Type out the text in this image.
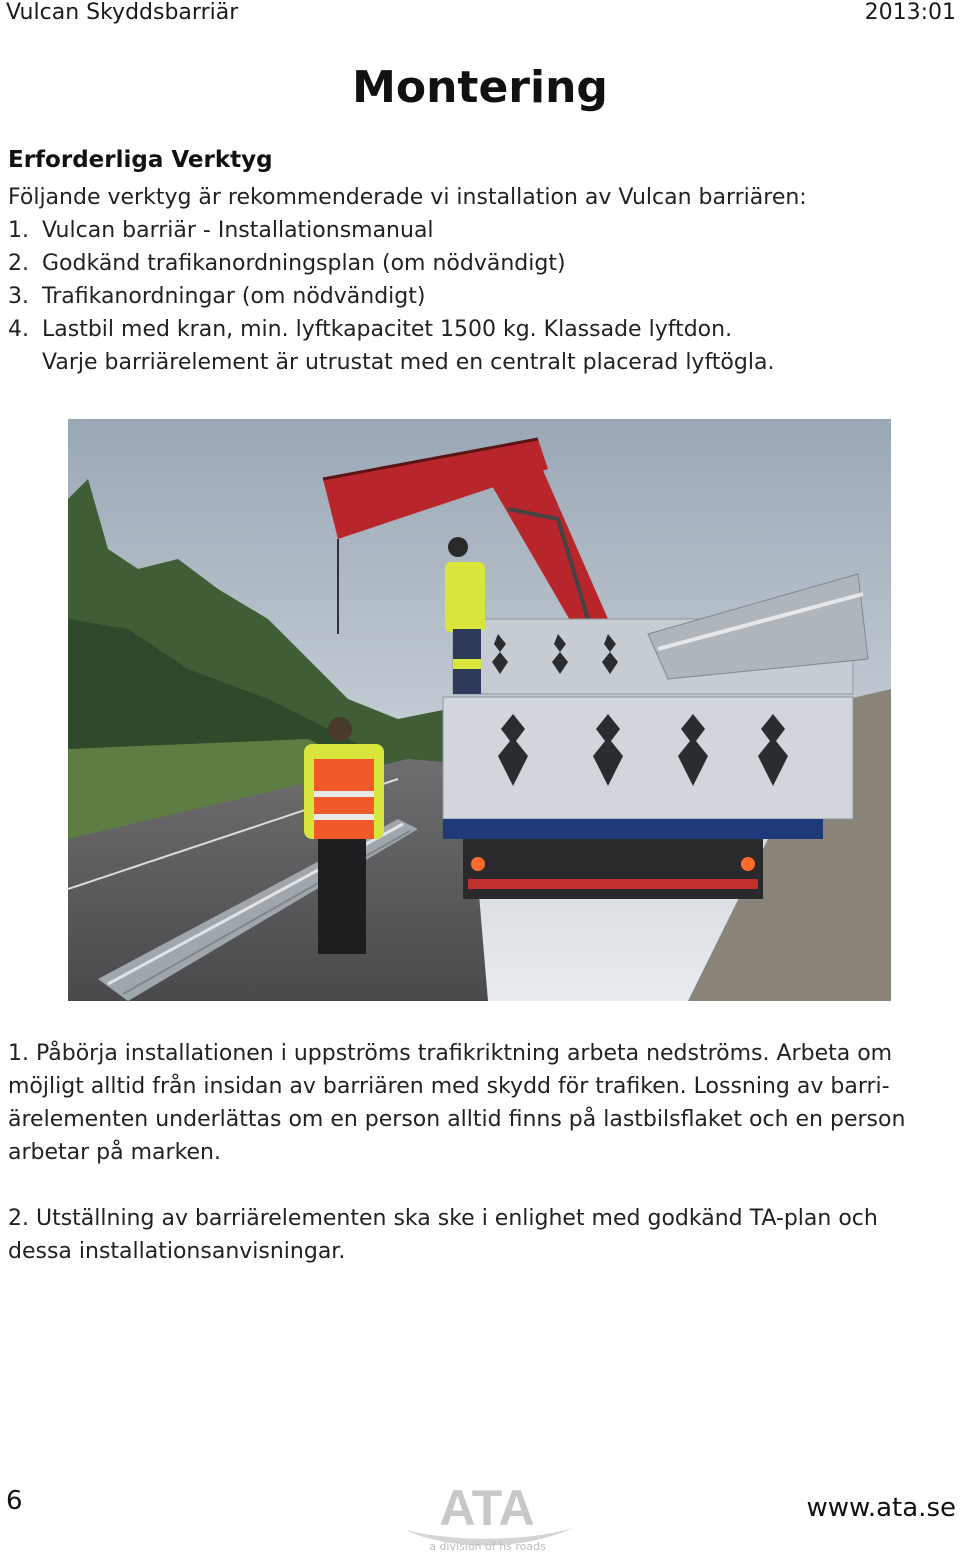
Vulcan Skyddsbarriär	2013:01
Montering
Erforderliga Verktyg
Följande verktyg är rekommenderade vi installation av Vulcan barriären:
1. Vulcan barriär - Installationsmanual
2. Godkänd trafikanordningsplan (om nödvändigt)
3. Trafikanordningar (om nödvändigt)
4. Lastbil med kran, min. lyftkapacitet 1500 kg. Klassade lyftdon.
Varje barriärelement är utrustat med en centralt placerad lyftögla.

1. Påbörja installationen i uppströms trafikriktning arbeta nedströms. Arbeta om möjligt alltid från insidan av barriären med skydd för trafiken. Lossning av barri-ärelementen underlättas om en person alltid finns på lastbilsflaket och en person arbetar på marken.

2. Utställning av barriärelementen ska ske i enlighet med godkänd TA-plan och dessa installationsanvisningar.

6	ATA
a division of hs roads
www.ata.se
